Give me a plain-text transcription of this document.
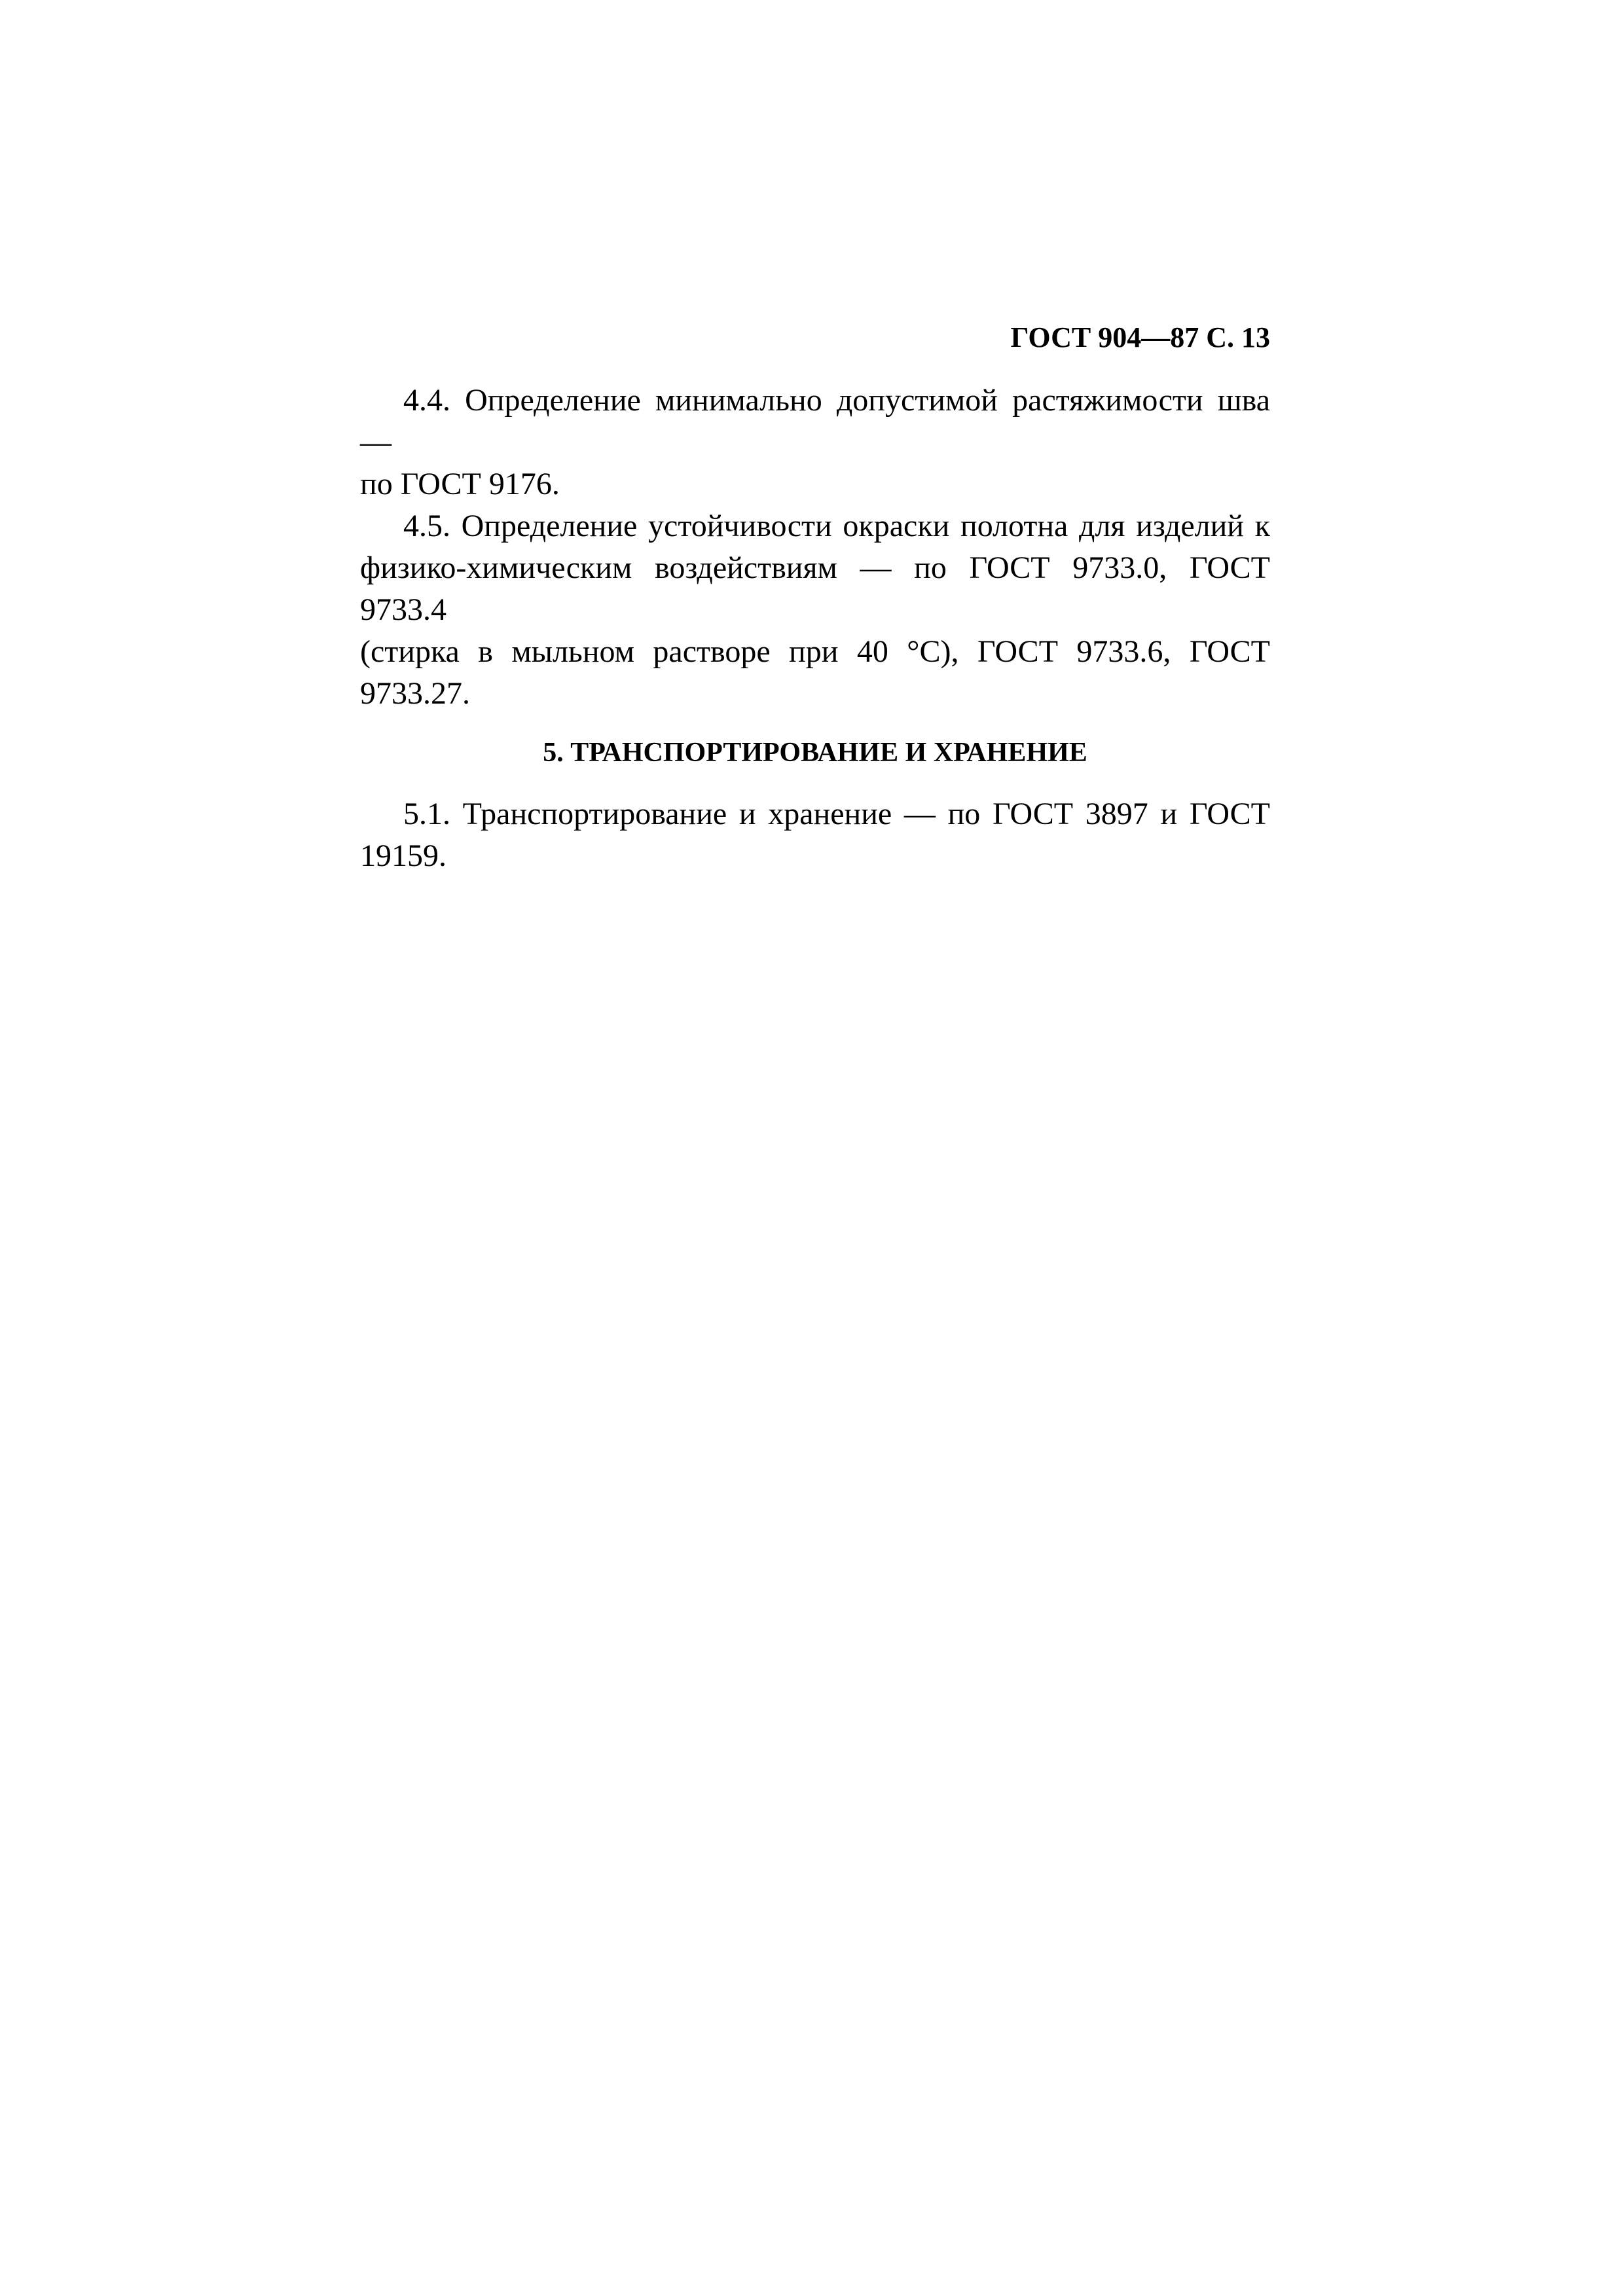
ГОСТ 904—87 С. 13

4.4. Определение минимально допустимой растяжимости шва —
по ГОСТ 9176.

4.5. Определение устойчивости окраски полотна для изделий к
физико-химическим воздействиям — по ГОСТ 9733.0, ГОСТ 9733.4
(стирка в мыльном растворе при 40 °С), ГОСТ 9733.6, ГОСТ 9733.27.

5. ТРАНСПОРТИРОВАНИЕ И ХРАНЕНИЕ

5.1. Транспортирование и хранение — по ГОСТ 3897 и ГОСТ
19159.
